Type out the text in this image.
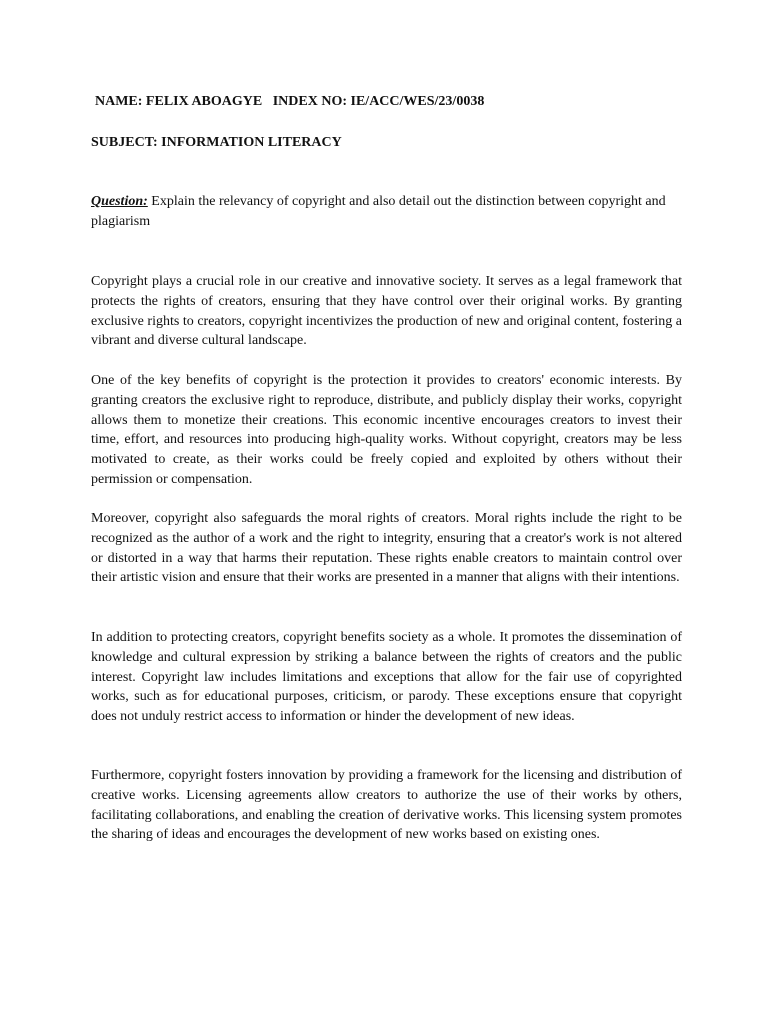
NAME: FELIX ABOAGYE   INDEX NO: IE/ACC/WES/23/0038
SUBJECT: INFORMATION LITERACY
Question: Explain the relevancy of copyright and also detail out the distinction between copyright and plagiarism

Copyright plays a crucial role in our creative and innovative society. It serves as a legal framework that protects the rights of creators, ensuring that they have control over their original works. By granting exclusive rights to creators, copyright incentivizes the production of new and original content, fostering a vibrant and diverse cultural landscape.

One of the key benefits of copyright is the protection it provides to creators' economic interests. By granting creators the exclusive right to reproduce, distribute, and publicly display their works, copyright allows them to monetize their creations. This economic incentive encourages creators to invest their time, effort, and resources into producing high-quality works. Without copyright, creators may be less motivated to create, as their works could be freely copied and exploited by others without their permission or compensation.

Moreover, copyright also safeguards the moral rights of creators. Moral rights include the right to be recognized as the author of a work and the right to integrity, ensuring that a creator's work is not altered or distorted in a way that harms their reputation. These rights enable creators to maintain control over their artistic vision and ensure that their works are presented in a manner that aligns with their intentions.

In addition to protecting creators, copyright benefits society as a whole. It promotes the dissemination of knowledge and cultural expression by striking a balance between the rights of creators and the public interest. Copyright law includes limitations and exceptions that allow for the fair use of copyrighted works, such as for educational purposes, criticism, or parody. These exceptions ensure that copyright does not unduly restrict access to information or hinder the development of new ideas.

Furthermore, copyright fosters innovation by providing a framework for the licensing and distribution of creative works. Licensing agreements allow creators to authorize the use of their works by others, facilitating collaborations, and enabling the creation of derivative works. This licensing system promotes the sharing of ideas and encourages the development of new works based on existing ones.
